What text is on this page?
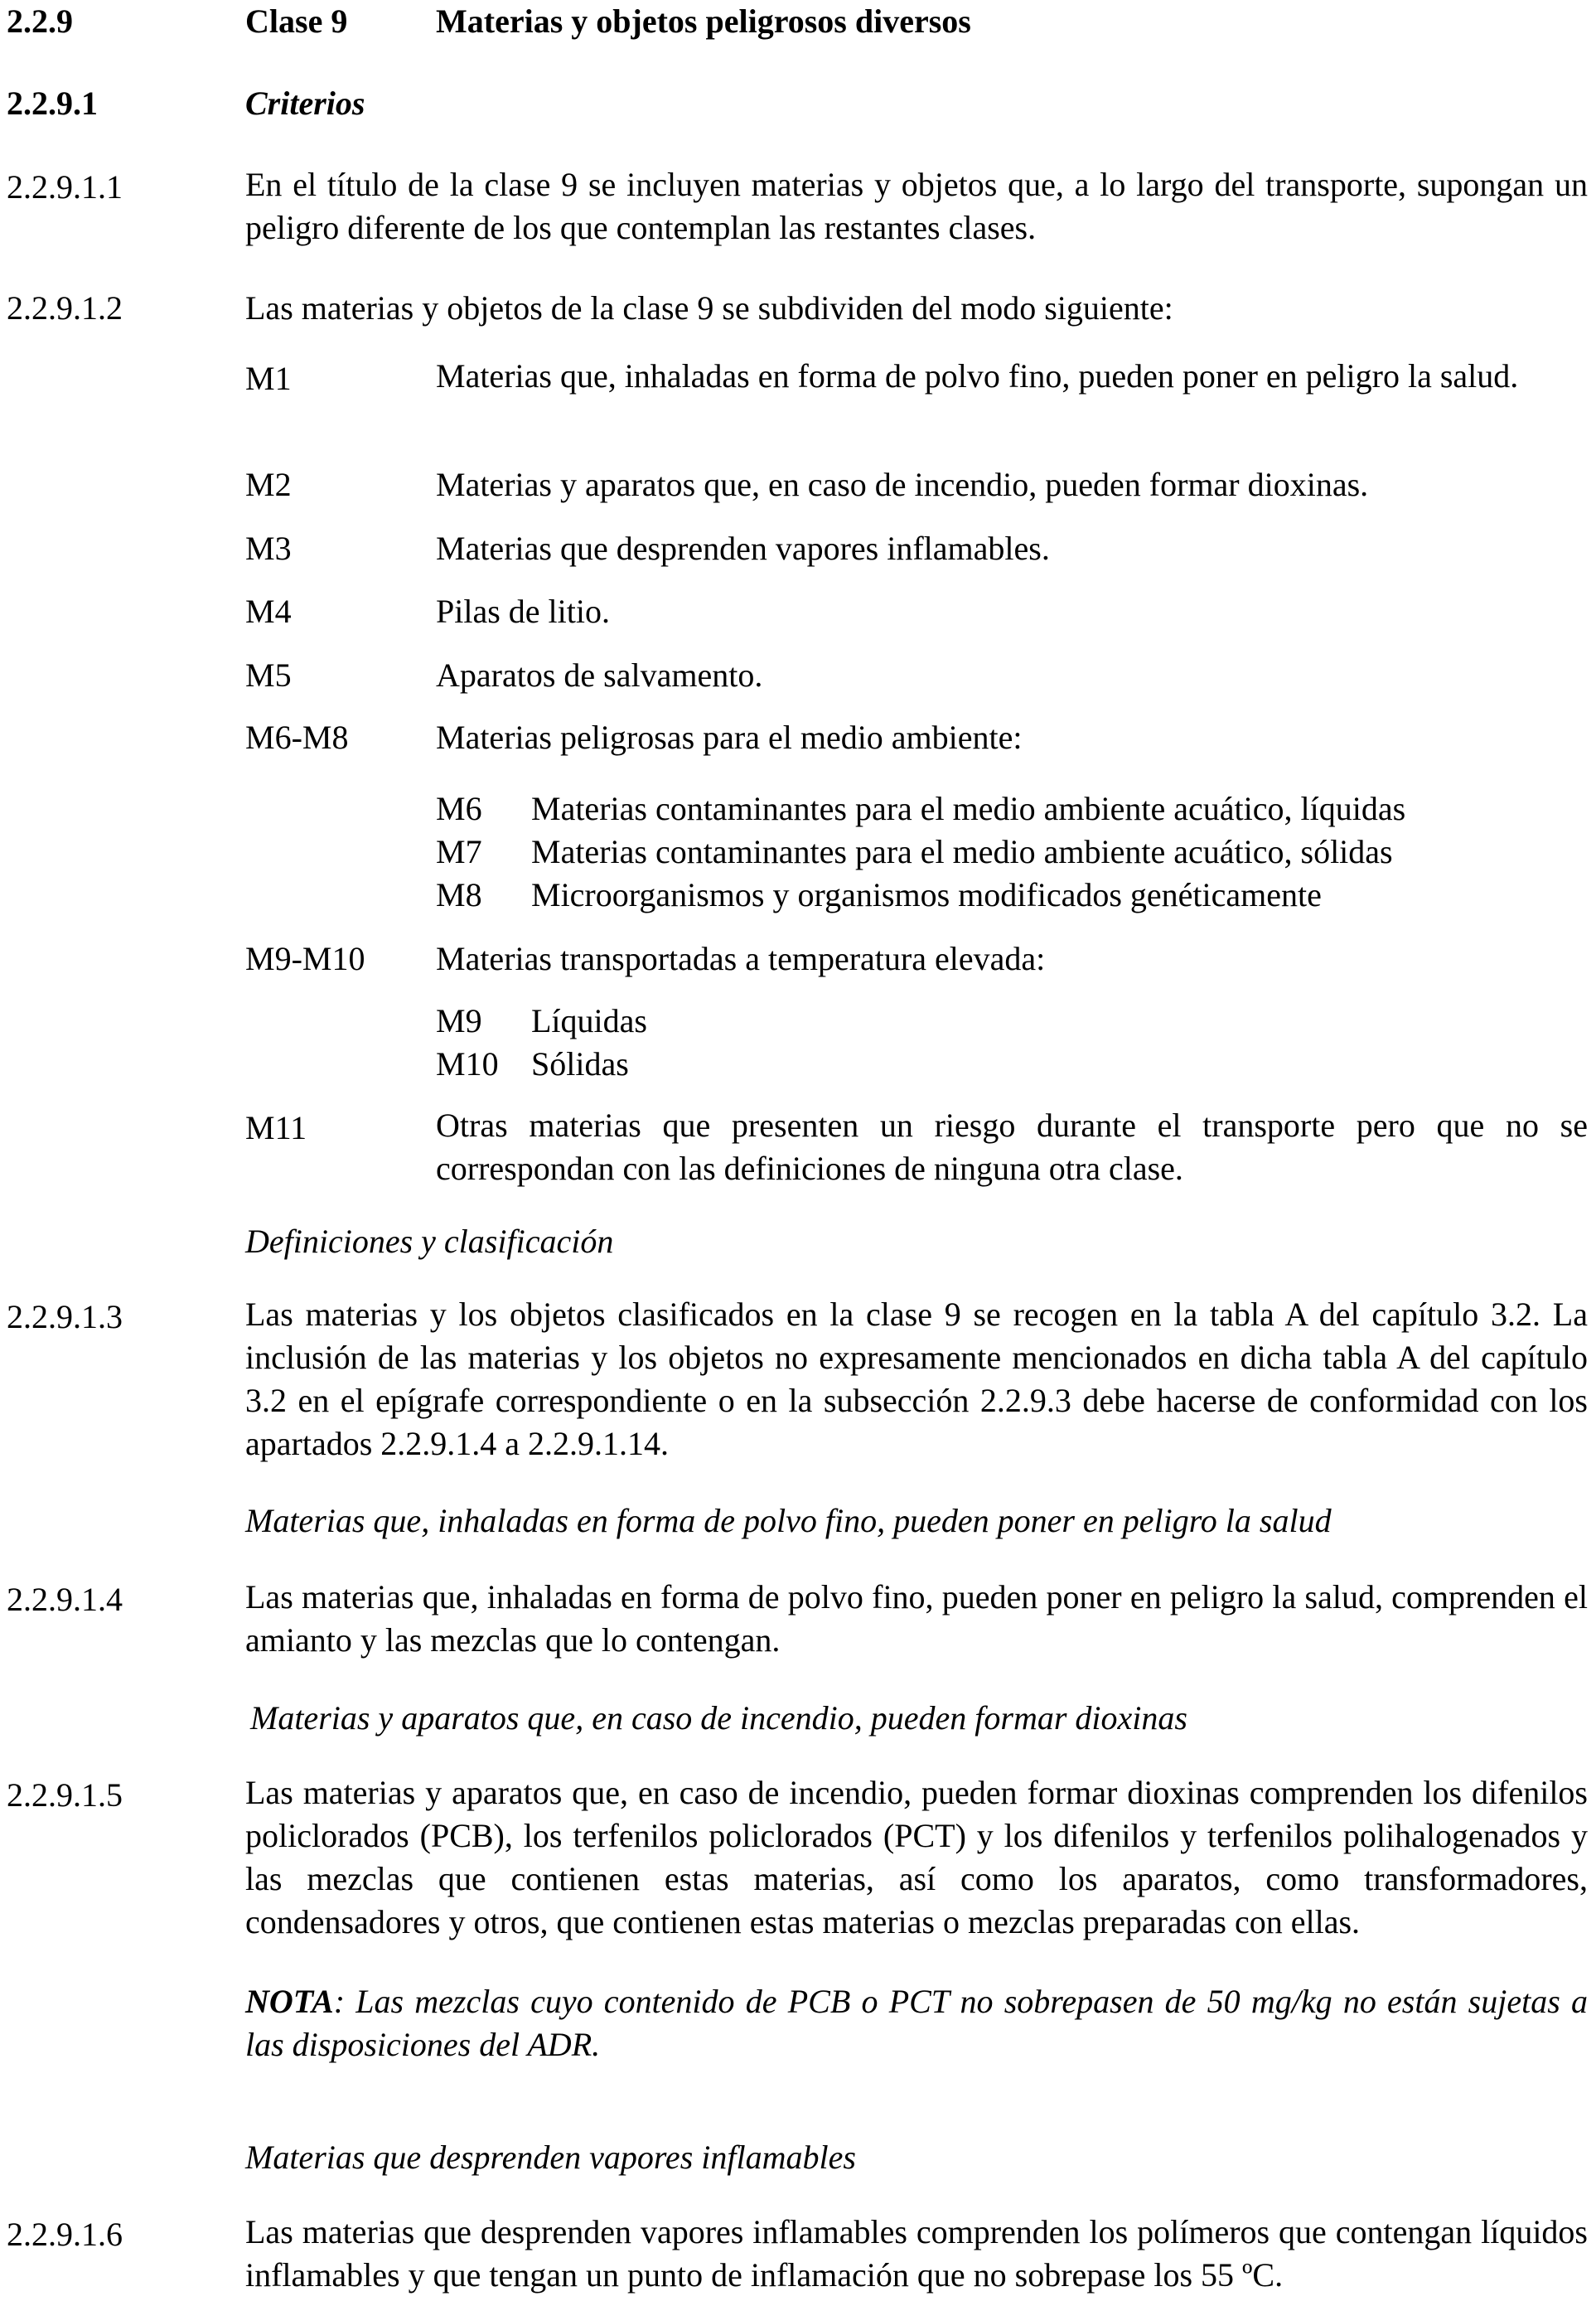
2.2.9	Clase 9	Materias y objetos peligrosos diversos
2.2.9.1	Criterios
2.2.9.1.1	En el título de la clase 9 se incluyen materias y objetos que, a lo largo del transporte, supongan un peligro diferente de los que contemplan las restantes clases.

2.2.9.1.2	Las materias y objetos de la clase 9 se subdividen del modo siguiente:
M1	Materias que, inhaladas en forma de polvo fino, pueden poner en peligro la salud.

M2	Materias y aparatos que, en caso de incendio, pueden formar dioxinas.
M3	Materias que desprenden vapores inflamables.
M4	Pilas de litio.
M5	Aparatos de salvamento.
M6-M8	Materias peligrosas para el medio ambiente:
M6 Materias contaminantes para el medio ambiente acuático, líquidas
M7 Materias contaminantes para el medio ambiente acuático, sólidas
M8 Microorganismos y organismos modificados genéticamente
M9-M10 Materias transportadas a temperatura elevada:
M9 Líquidas
M10 Sólidas
M11	Otras materias que presenten un riesgo durante el transporte pero que no se correspondan con las definiciones de ninguna otra clase.

Definiciones y clasificación
2.2.9.1.3	Las materias y los objetos clasificados en la clase 9 se recogen en la tabla A del capítulo 3.2. La inclusión de las materias y los objetos no expresamente mencionados en dicha tabla A del capítulo 3.2 en el epígrafe correspondiente o en la subsección 2.2.9.3 debe hacerse de conformidad con los apartados 2.2.9.1.4 a 2.2.9.1.14.

Materias que, inhaladas en forma de polvo fino, pueden poner en peligro la salud
2.2.9.1.4	Las materias que, inhaladas en forma de polvo fino, pueden poner en peligro la salud, comprenden el amianto y las mezclas que lo contengan.

Materias y aparatos que, en caso de incendio, pueden formar dioxinas
2.2.9.1.5	Las materias y aparatos que, en caso de incendio, pueden formar dioxinas comprenden los difenilos policlorados (PCB), los terfenilos policlorados (PCT) y los difenilos y terfenilos polihalogenados y las mezclas que contienen estas materias, así como los aparatos, como transformadores, condensadores y otros, que contienen estas materias o mezclas preparadas con ellas.

NOTA: Las mezclas cuyo contenido de PCB o PCT no sobrepasen de 50 mg/kg no están sujetas a las disposiciones del ADR.

Materias que desprenden vapores inflamables
2.2.9.1.6	Las materias que desprenden vapores inflamables comprenden los polímeros que contengan líquidos inflamables y que tengan un punto de inflamación que no sobrepase los 55 ºC.
